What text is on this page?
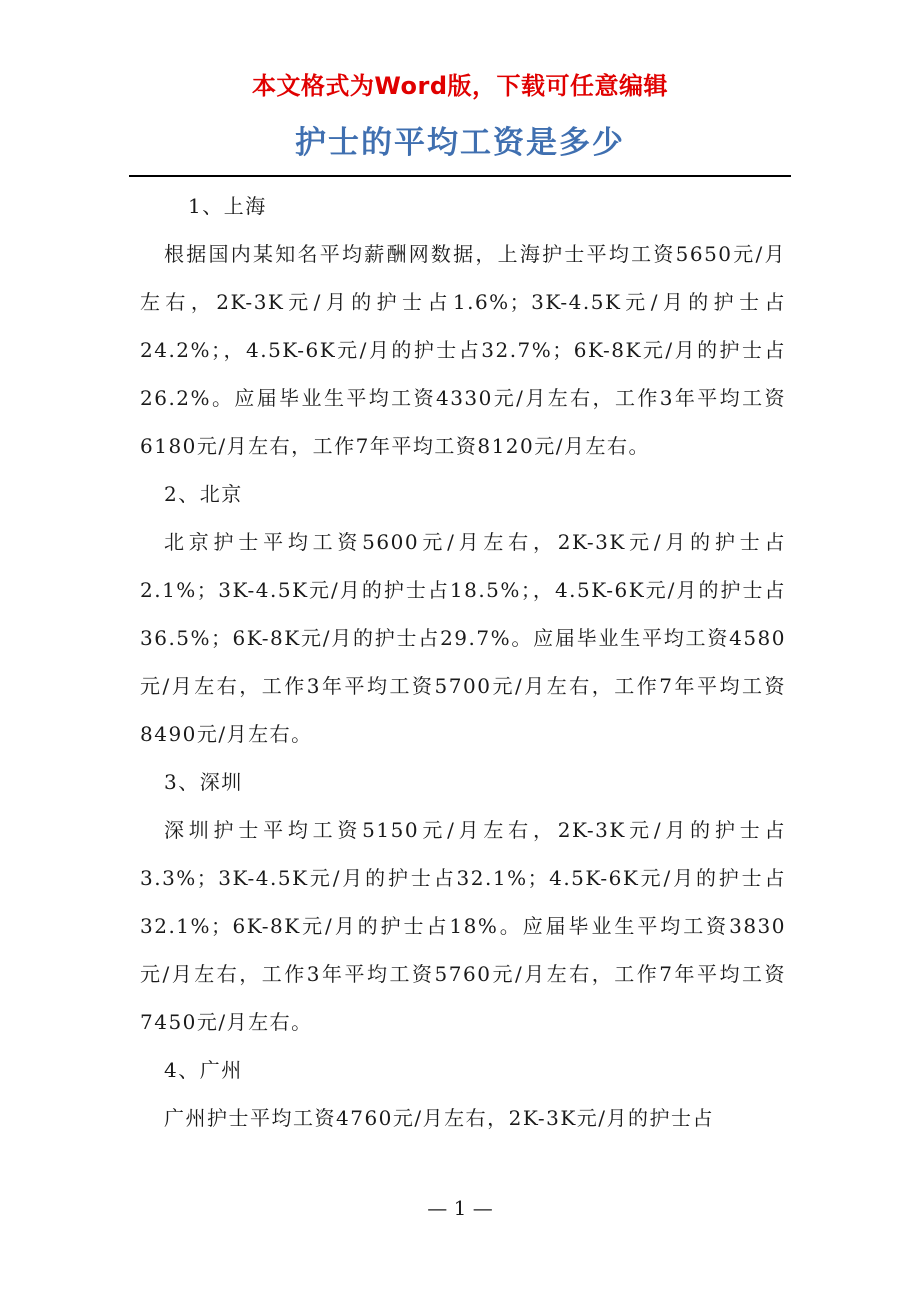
本文格式为Word版，下载可任意编辑
护士的平均工资是多少

1、上海

根据国内某知名平均薪酬网数据，上海护士平均工资5650元/月左右，2K-3K元/月的护士占1.6%；3K-4.5K元/月的护士占24.2%；，4.5K-6K元/月的护士占32.7%；6K-8K元/月的护士占26.2%。应届毕业生平均工资4330元/月左右，工作3年平均工资6180元/月左右，工作7年平均工资8120元/月左右。

2、北京

北京护士平均工资5600元/月左右，2K-3K元/月的护士占2.1%；3K-4.5K元/月的护士占18.5%；，4.5K-6K元/月的护士占36.5%；6K-8K元/月的护士占29.7%。应届毕业生平均工资4580元/月左右，工作3年平均工资5700元/月左右，工作7年平均工资8490元/月左右。

3、深圳

深圳护士平均工资5150元/月左右，2K-3K元/月的护士占3.3%；3K-4.5K元/月的护士占32.1%；4.5K-6K元/月的护士占32.1%；6K-8K元/月的护士占18%。应届毕业生平均工资3830元/月左右，工作3年平均工资5760元/月左右，工作7年平均工资7450元/月左右。

4、广州

广州护士平均工资4760元/月左右，2K-3K元/月的护士占

— 1 —
